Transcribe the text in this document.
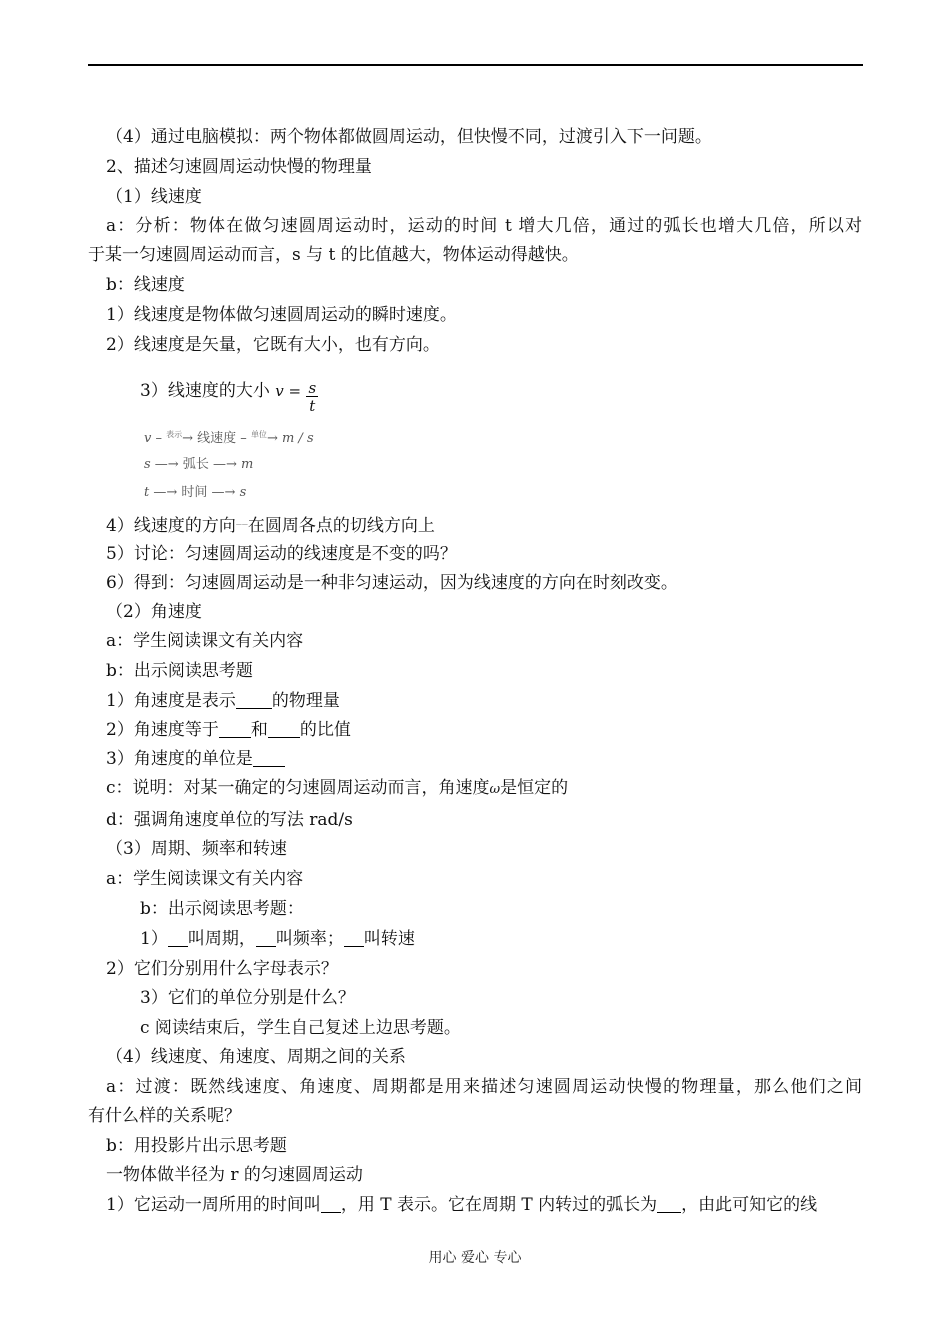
（4）通过电脑模拟：两个物体都做圆周运动，但快慢不同，过渡引入下一问题。
2、描述匀速圆周运动快慢的物理量
（1）线速度
a：分析：物体在做匀速圆周运动时，运动的时间 t 增大几倍，通过的弧长也增大几倍，所以对
于某一匀速圆周运动而言，s 与 t 的比值越大，物体运动得越快。
b：线速度
1）线速度是物体做匀速圆周运动的瞬时速度。
2）线速度是矢量，它既有大小，也有方向。
3）线速度的大小 $v = \frac{s}{t}$
v – $^{表示}$→ 线速度 – $^{单位}$→ m / s
s —→ 弧长 —→ m
t —→ 时间 —→ s
4）线速度的方向——在圆周各点的切线方向上
5）讨论：匀速圆周运动的线速度是不变的吗？
6）得到：匀速圆周运动是一种非匀速运动，因为线速度的方向在时刻改变。
（2）角速度
a：学生阅读课文有关内容
b：出示阅读思考题
1）角速度是表示 的物理量
2）角速度等于 和 的比值
3）角速度的单位是
c：说明：对某一确定的匀速圆周运动而言，角速度ω是恒定的
d：强调角速度单位的写法 rad/s
（3）周期、频率和转速
a：学生阅读课文有关内容
b：出示阅读思考题：
1） 叫周期， 叫频率； 叫转速
2）它们分别用什么字母表示？
3）它们的单位分别是什么？
c 阅读结束后，学生自己复述上边思考题。
（4）线速度、角速度、周期之间的关系
a：过渡：既然线速度、角速度、周期都是用来描述匀速圆周运动快慢的物理量，那么他们之间
有什么样的关系呢？
b：用投影片出示思考题
一物体做半径为 r 的匀速圆周运动
1）它运动一周所用的时间叫 ，用 T 表示。它在周期 T 内转过的弧长为 ，由此可知它的线
用心 爱心 专心
